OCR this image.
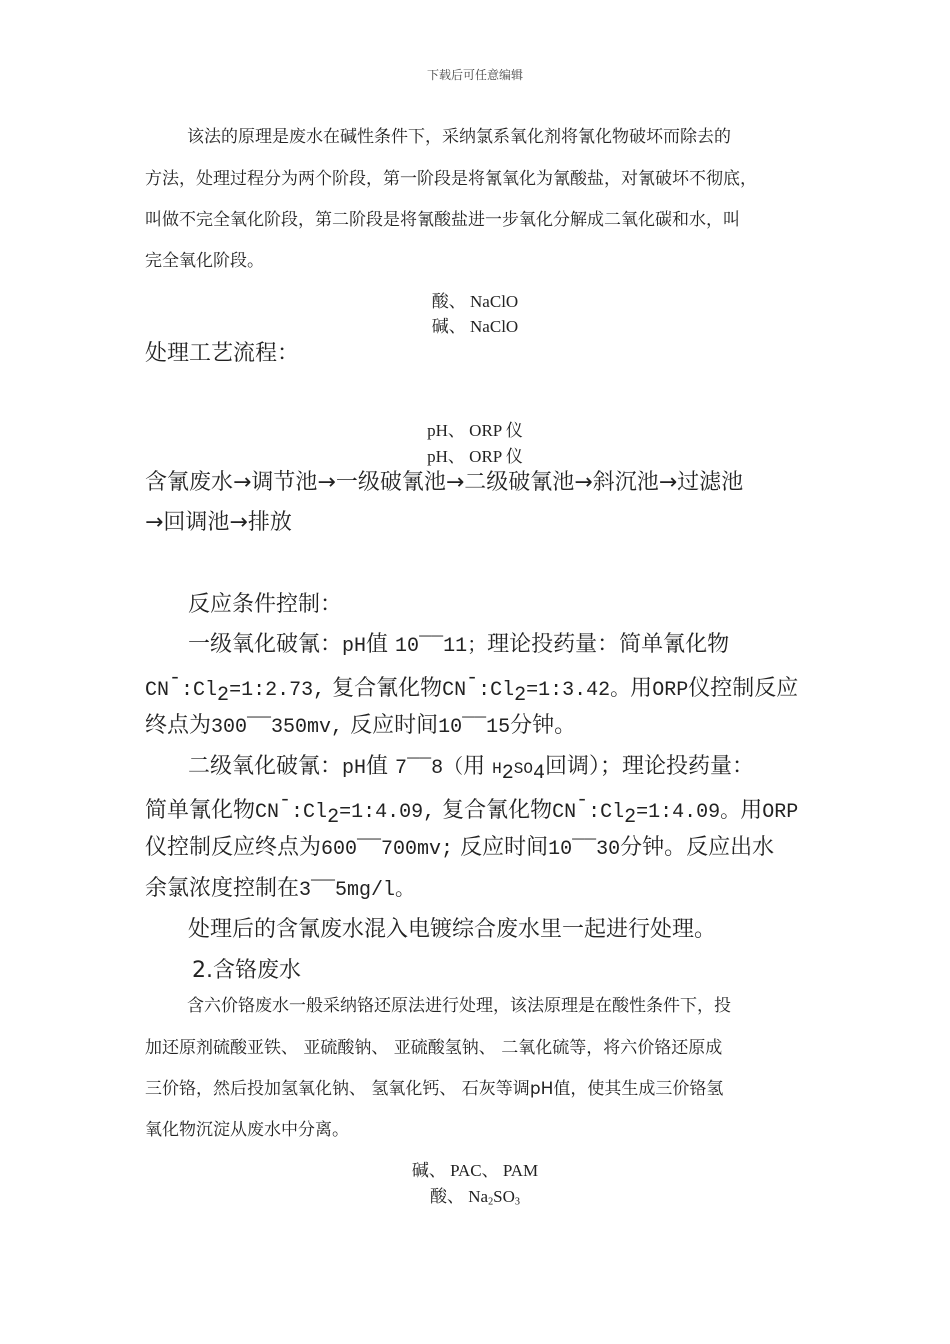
下载后可任意编辑
该法的原理是废水在碱性条件下，采纳氯系氧化剂将氰化物破坏而除去的
方法，处理过程分为两个阶段，第一阶段是将氰氧化为氰酸盐，对氰破坏不彻底，
叫做不完全氧化阶段，第二阶段是将氰酸盐进一步氧化分解成二氧化碳和水，叫
完全氧化阶段。
酸、 NaClO
碱、 NaClO
处理工艺流程：
pH、 ORP 仪
pH、 ORP 仪
含氰废水→调节池→一级破氰池→二级破氰池→斜沉池→过滤池
→回调池→排放
反应条件控制：
一级氧化破氰：pH值 10‾‾11；理论投药量：简单氰化物
$CN^-:Cl_2=1:2.73$, 复合氰化物$CN^-:Cl_2=1:3.42$。用ORP仪控制反应
终点为300‾‾350mv, 反应时间10‾‾15分钟。
二级氧化破氰：pH值 7‾‾8（用 $H_2SO_4$回调）；理论投药量：
简单氰化物$CN^-:Cl_2=1:4.09$, 复合氰化物$CN^-:Cl_2=1:4.09$。用ORP
仪控制反应终点为600‾‾700mv; 反应时间10‾‾30分钟。反应出水
余氯浓度控制在3‾‾5mg/l。
处理后的含氰废水混入电镀综合废水里一起进行处理。
2.含铬废水
含六价铬废水一般采纳铬还原法进行处理，该法原理是在酸性条件下，投
加还原剂硫酸亚铁、 亚硫酸钠、 亚硫酸氢钠、 二氧化硫等，将六价铬还原成
三价铬，然后投加氢氧化钠、 氢氧化钙、 石灰等调pH值，使其生成三价铬氢
氧化物沉淀从废水中分离。
碱、 PAC、 PAM
酸、 $Na_2SO_3$
